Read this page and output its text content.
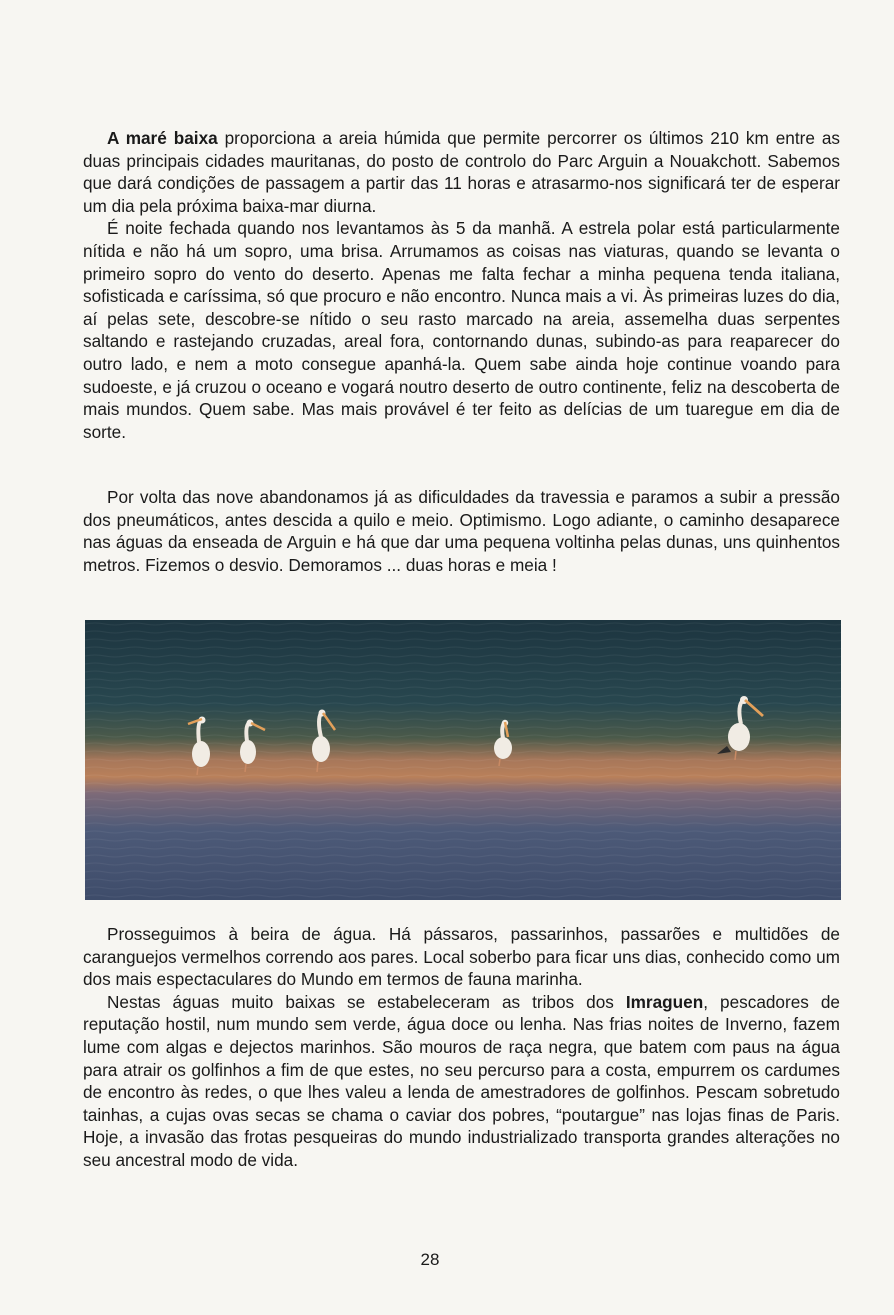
A maré baixa proporciona a areia húmida que permite percorrer os últimos 210 km entre as duas principais cidades mauritanas, do posto de controlo do Parc Arguin a Nouakchott. Sabemos que dará condições de passagem a partir das 11 horas e atrasarmo-nos significará ter de esperar um dia pela próxima baixa-mar diurna.

É noite fechada quando nos levantamos às 5 da manhã. A estrela polar está particularmente nítida e não há um sopro, uma brisa. Arrumamos as coisas nas viaturas, quando se levanta o primeiro sopro do vento do deserto. Apenas me falta fechar a minha pequena tenda italiana, sofisticada e caríssima, só que procuro e não encontro. Nunca mais a vi. Às primeiras luzes do dia, aí pelas sete, descobre-se nítido o seu rasto marcado na areia, assemelha duas serpentes saltando e rastejando cruzadas, areal fora, contornando dunas, subindo-as para reaparecer do outro lado, e nem a moto consegue apanhá-la. Quem sabe ainda hoje continue voando para sudoeste, e já cruzou o oceano e vogará noutro deserto de outro continente, feliz na descoberta de mais mundos. Quem sabe. Mas mais provável é ter feito as delícias de um tuaregue em dia de sorte.

Por volta das nove abandonamos já as dificuldades da travessia e paramos a subir a pressão dos pneumáticos, antes descida a quilo e meio. Optimismo. Logo adiante, o caminho desaparece nas águas da enseada de Arguin e há que dar uma pequena voltinha pelas dunas, uns quinhentos metros. Fizemos o desvio. Demoramos ... duas horas e meia !

Prosseguimos à beira de água. Há pássaros, passarinhos, passarões e multidões de caranguejos vermelhos correndo aos pares. Local soberbo para ficar uns dias, conhecido como um dos mais espectaculares do Mundo em termos de fauna marinha.

Nestas águas muito baixas se estabeleceram as tribos dos Imraguen, pescadores de reputação hostil, num mundo sem verde, água doce ou lenha. Nas frias noites de Inverno, fazem lume com algas e dejectos marinhos. São mouros de raça negra, que batem com paus na água para atrair os golfinhos a fim de que estes, no seu percurso para a costa, empurrem os cardumes de encontro às redes, o que lhes valeu a lenda de amestradores de golfinhos. Pescam sobretudo tainhas, a cujas ovas secas se chama o caviar dos pobres, “poutargue” nas lojas finas de Paris. Hoje, a invasão das frotas pesqueiras do mundo industrializado transporta grandes alterações no seu ancestral modo de vida.

28
